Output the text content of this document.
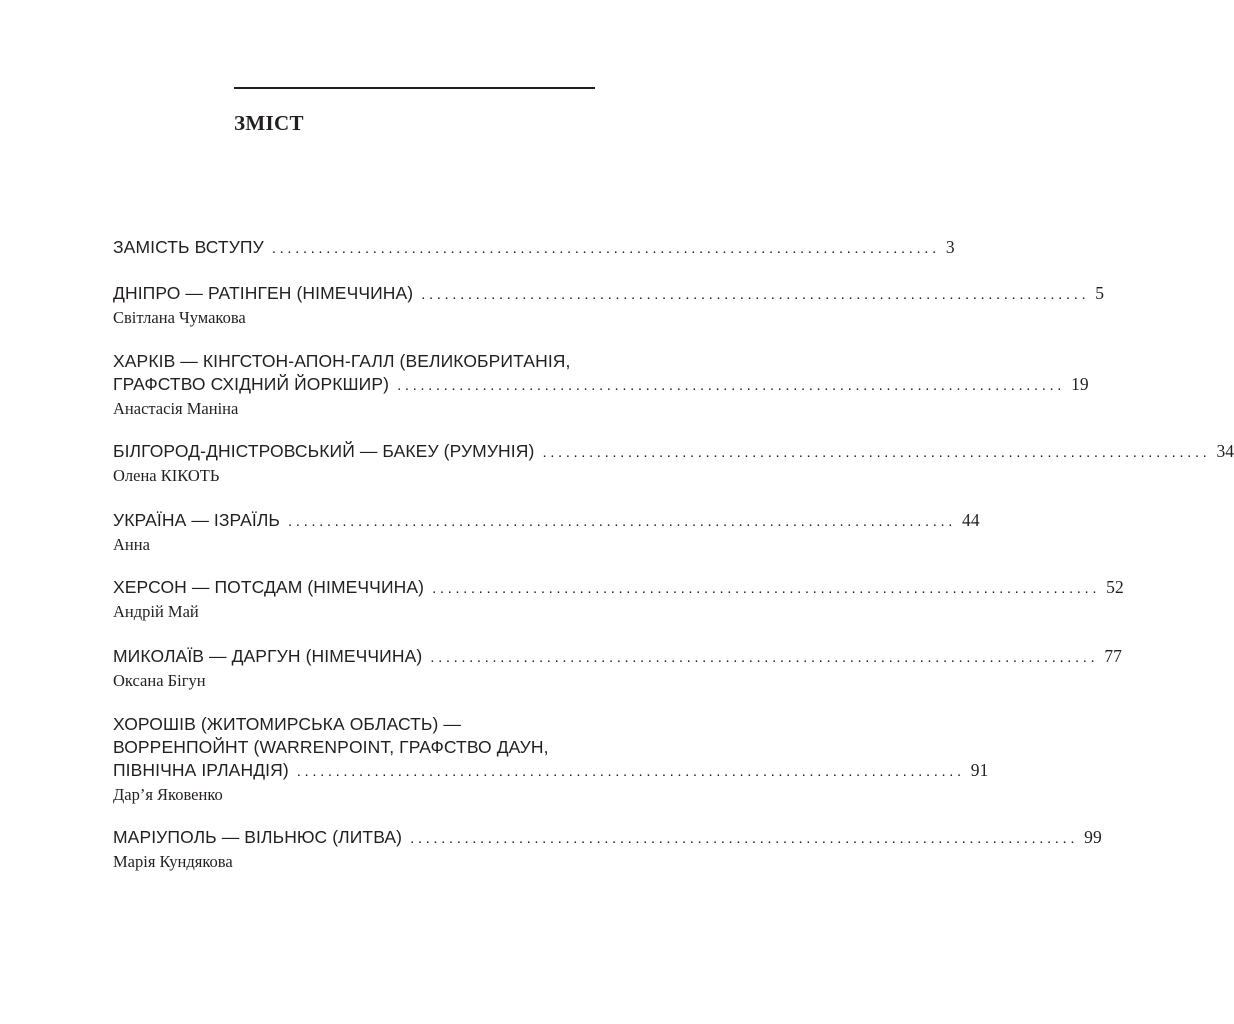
ЗМІСТ
ЗАМІСТЬ ВСТУПУ ...................................................................................... 3
ДНІПРО — РАТІНГЕН (НІМЕЧЧИНА) ...................................................................................... 5
Світлана Чумакова
ХАРКІВ — КІНГСТОН-АПОН-ГАЛЛ (ВЕЛИКОБРИТАНІЯ,
ГРАФСТВО СХІДНИЙ ЙОРКШИР) ...................................................................................... 19
Анастасія Маніна
БІЛГОРОД-ДНІСТРОВСЬКИЙ — БАКЕУ (РУМУНІЯ) ...................................................................................... 34
Олена КІКОТЬ
УКРАЇНА — ІЗРАЇЛЬ ...................................................................................... 44
Анна
ХЕРСОН — ПОТСДАМ (НІМЕЧЧИНА) ...................................................................................... 52
Андрій Май
МИКОЛАЇВ — ДАРГУН (НІМЕЧЧИНА) ...................................................................................... 77
Оксана Бігун
ХОРОШІВ (ЖИТОМИРСЬКА ОБЛАСТЬ) —
ВОРРЕНПОЙНТ (WARRENPOINT, ГРАФСТВО ДАУН,
ПІВНІЧНА ІРЛАНДІЯ) ...................................................................................... 91
Дар’я Яковенко
МАРІУПОЛЬ — ВІЛЬНЮС (ЛИТВА) ...................................................................................... 99
Марія Кундякова
